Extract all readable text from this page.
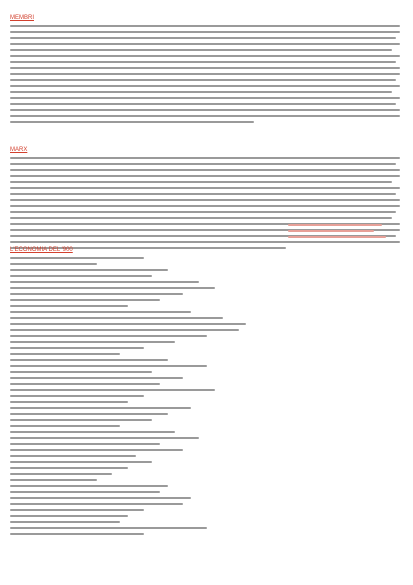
MEMBRI
MARX
L'ECONOMIA DEL '900
